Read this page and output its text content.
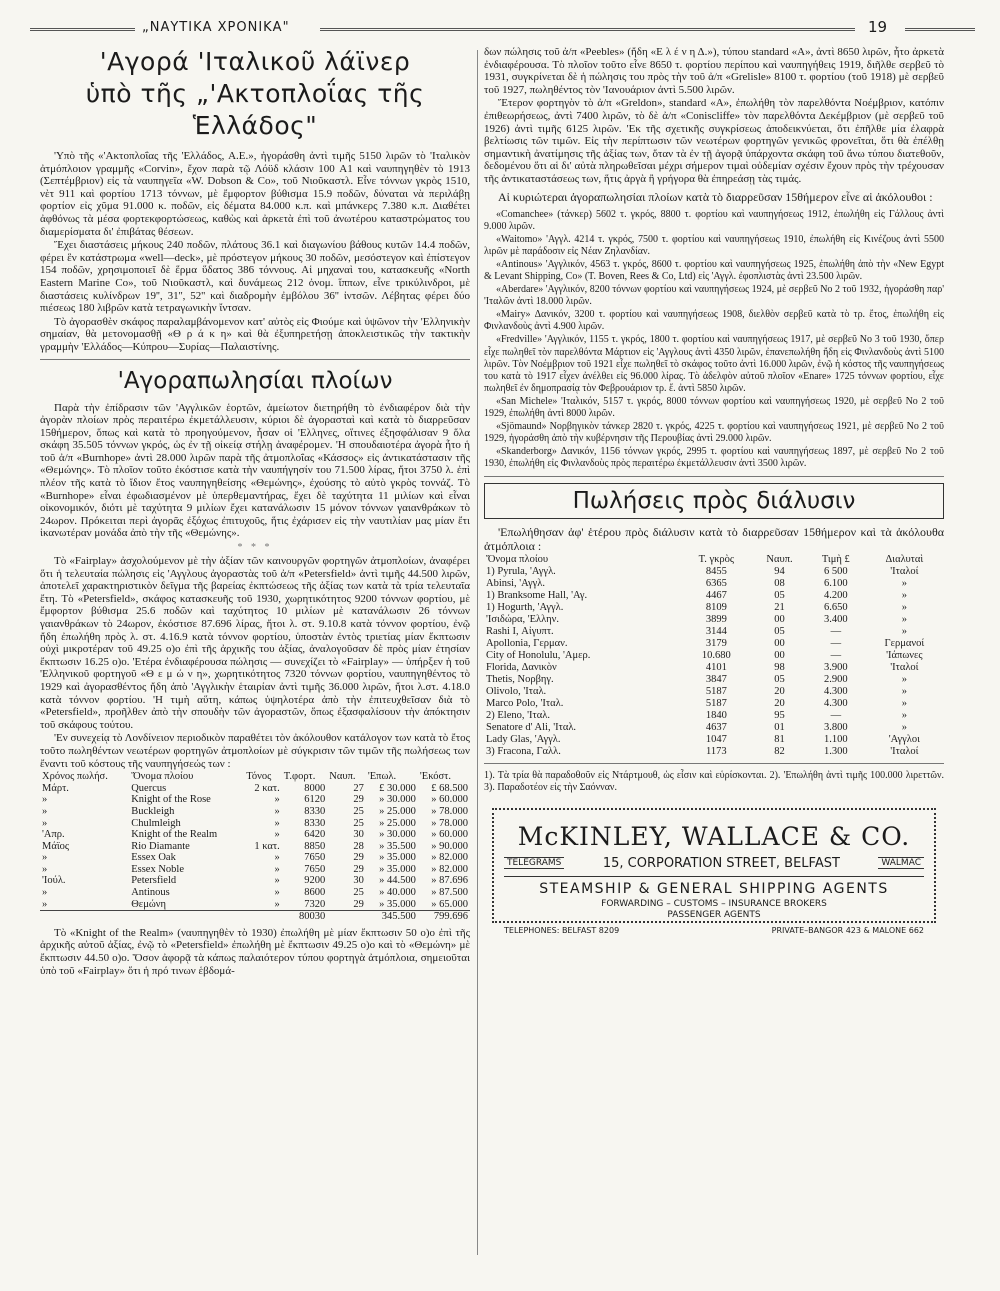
„ΝΑΥΤΙΚΑ ΧΡΟΝΙΚΑ"	19
'Αγορά 'Ιταλικοῦ λάϊνερ
ὑπὸ τῆς „'Ακτοπλοΐας τῆς Ἑλλάδος"

'Υπὸ τῆς «'Ακτοπλοΐας τῆς 'Ελλάδος, Α.Ε.», ἠγοράσθη ἀντὶ τιμῆς 5150 λιρῶν τὸ 'Ιταλικὸν ἀτμόπλοιον γραμμῆς «Corvin», ἔχον παρὰ τῷ Λόϋδ κλάσιν 100 A1 καὶ ναυπηγηθὲν τὸ 1913 (Σεπτέμβριον) εἰς τὰ ναυπηγεῖα «W. Dobson & Co», τοῦ Νιοῦκαστλ. Εἶνε τόννων γκρὸς 1510, νὲτ 911 καὶ φορτίου 1713 τόννων, μὲ ἔμφορτον βύθισμα 15.9 ποδῶν, δύναται νὰ περιλάβῃ φορτίον εἰς χῦμα 91.000 κ. ποδῶν, εἰς δέματα 84.000 κ.π. καὶ μπάνκερς 7.380 κ.π. Διαθέτει ἀφθόνως τὰ μέσα φορτεκφορτώσεως, καθὼς καὶ ἀρκετὰ ἐπὶ τοῦ ἀνωτέρου καταστρώματος του διαμερίσματα δι' ἐπιβάτας θέσεων.

Ἔχει διαστάσεις μήκους 240 ποδῶν, πλάτους 36.1 καὶ διαγωνίου βάθους κυτῶν 14.4 ποδῶν, φέρει ἓν κατάστρωμα «well—deck», μὲ πρόστεγον μήκους 30 ποδῶν, μεσόστεγον καὶ ἐπίστεγον 154 ποδῶν, χρησιμοποιεῖ δὲ ἕρμα ὕδατος 386 τόννους. Αἱ μηχαναὶ του, κατασκευῆς «North Eastern Marine Co», τοῦ Νιοῦκαστλ, καὶ δυνάμεως 212 ὀνομ. ἵππων, εἶνε τρικύλινδροι, μὲ διαστάσεις κυλίνδρων 19'', 31'', 52'' καὶ διαδρομὴν ἐμβόλου 36'' ἰντσῶν. Λέβητας φέρει δύο πιέσεως 180 λιβρῶν κατὰ τετραγωνικὴν ἴντσαν.

Τὸ ἀγορασθὲν σκάφος παραλαμβάνομενον κατ' αὐτὸς εἰς Φιούμε καὶ ὑψῶνον τὴν 'Ελληνικὴν σημαίαν, θὰ μετονομασθῇ «Θ ρ ά κ η» καὶ θὰ ἐξυπηρετήσῃ ἀποκλειστικῶς τὴν τακτικὴν γραμμὴν 'Ελλάδος—Κύπρου—Συρίας—Παλαιστίνης.

'Αγοραπωλησίαι πλοίων

Παρὰ τὴν ἐπίδρασιν τῶν 'Αγγλικῶν ἑορτῶν, ἀμείωτον διετηρήθη τὸ ἐνδιαφέρον διὰ τὴν ἀγορὰν πλοίων πρὸς περαιτέρω ἐκμετάλλευσιν, κύριοι δὲ ἀγορασταὶ καὶ κατὰ τὸ διαρρεῦσαν 15θήμερον, ὅπως καὶ κατὰ τὸ προηγούμενον, ἦσαν οἱ 'Ελληνες, οἵτινες ἐξησφάλισαν 9 ὅλα σκάφη 35.505 τόννων γκρός, ὡς ἐν τῇ οἰκείᾳ στήλῃ ἀναφέρομεν. 'Η σπουδαιοτέρα ἀγορὰ ἦτο ἡ τοῦ ἀ/π «Burnhope» ἀντὶ 28.000 λιρῶν παρὰ τῆς ἀτμοπλοΐας «Κάσσος» εἰς ἀντικατάστασιν τῆς «Θεμώνης». Τὸ πλοῖον τοῦτο ἐκόστισε κατὰ τὴν ναυπήγησίν του 71.500 λίρας, ἤτοι 3750 λ. ἐπὶ πλέον τῆς κατὰ τὸ ἴδιον ἔτος ναυπηγηθείσης «Θεμώνης», ἐχούσης τὸ αὐτὸ γκρὸς τοννάζ. Τὸ «Burnhope» εἶναι ἐφωδιασμένον μὲ ὑπερθεμαντήρας, ἔχει δὲ ταχύτητα 11 μιλίων καὶ εἶναι οἰκονομικόν, διότι μὲ ταχύτητα 9 μιλίων ἔχει κατανάλωσιν 15 μόνον τόννων γαιανθράκων τὸ 24ωρον. Πρόκειται περὶ ἀγορᾶς ἐξόχως ἐπιτυχοῦς, ἥτις ἐχάρισεν εἰς τὴν ναυτιλίαν μας μίαν ἔτι ἱκανωτέραν μονάδα ἀπὸ τὴν τῆς «Θεμώνης».

* * *

Τὸ «Fairplay» ἀσχολούμενον μὲ τὴν ἀξίαν τῶν καινουργῶν φορτηγῶν ἀτμοπλοίων, ἀναφέρει ὅτι ἡ τελευταία πώλησις εἰς 'Αγγλους ἀγοραστὰς τοῦ ἀ/π «Petersfield» ἀντὶ τιμῆς 44.500 λιρῶν, ἀποτελεῖ χαρακτηριστικὸν δεῖγμα τῆς βαρείας ἐκπτώσεως τῆς ἀξίας των κατὰ τὰ τρία τελευταῖα ἔτη. Τὸ «Petersfield», σκάφος κατασκευῆς τοῦ 1930, χωρητικότητος 9200 τόννων φορτίου, μὲ ἔμφορτον βύθισμα 25.6 ποδῶν καὶ ταχύτητος 10 μιλίων μὲ κατανάλωσιν 26 τόννων γαιανθράκων τὸ 24ωρον, ἐκόστισε 87.696 λίρας, ἤτοι λ. στ. 9.10.8 κατὰ τόννον φορτίου, ἐνῷ ἤδη ἐπωλήθη πρὸς λ. στ. 4.16.9 κατὰ τόννον φορτίου, ὑποστὰν ἐντὸς τριετίας μίαν ἔκπτωσιν οὐχὶ μικροτέραν τοῦ 49.25 ο)ο ἐπὶ τῆς ἀρχικῆς του ἀξίας, ἀναλογοῦσαν δὲ πρὸς μίαν ἐτησίαν ἔκπτωσιν 16.25 ο)ο. 'Ετέρα ἐνδιαφέρουσα πώλησις — συνεχίζει τὸ «Fairplay» — ὑπήρξεν ἡ τοῦ 'Ελληνικοῦ φορτηγοῦ «Θ ε μ ώ ν η», χωρητικότητος 7320 τόννων φορτίου, ναυπηγηθέντος τὸ 1929 καὶ ἀγορασθέντος ἤδη ἀπὸ 'Αγγλικὴν ἑταιρίαν ἀντὶ τιμῆς 36.000 λιρῶν, ἤτοι λ.στ. 4.18.0 κατὰ τόννον φορτίου. 'Η τιμὴ αὕτη, κάπως ὑψηλοτέρα ἀπὸ τὴν ἐπιτευχθεῖσαν διὰ τὸ «Petersfield», προῆλθεν ἀπὸ τὴν σπουδὴν τῶν ἀγοραστῶν, ὅπως ἐξασφαλίσουν τὴν ἀπόκτησιν τοῦ σκάφους τούτου.

'Εν συνεχείᾳ τὸ Λονδίνειον περιοδικὸν παραθέτει τὸν ἀκόλουθον κατάλογον των κατὰ τὸ ἔτος τοῦτο πωληθέντων νεωτέρων φορτηγῶν ἀτμοπλοίων μὲ σύγκρισιν τῶν τιμῶν τῆς πωλήσεως των ἔναντι τοῦ κόστους τῆς ναυπηγήσεώς των :

Χρόνος πωλήσ.	Ὄνομα πλοίου	Τόνος	Τ.φορτ.	Ναυπ.	'Επωλ.	'Εκόστ.
Μάρτ.	Quercus	2 κατ.	8000	27	£ 30.000	£ 68.500
»	Knight of the Rose	»	6120	29	» 30.000	» 60.000
»	Buckleigh	»	8330	25	» 25.000	» 78.000
»	Chulmleigh	»	8330	25	» 25.000	» 78.000
'Απρ.	Knight of the Realm	»	6420	30	» 30.000	» 60.000
Μάϊος	Rio Diamante	1 κατ.	8850	28	» 35.500	» 90.000
»	Essex Oak	»	7650	29	» 35.000	» 82.000
»	Essex Noble	»	7650	29	» 35.000	» 82.000
'Ιούλ.	Petersfield	»	9200	30	» 44.500	» 87.696
»	Antinous	»	8600	25	» 40.000	» 87.500
»	Θεμώνη	»	7320	29	» 35.000	» 65.000
			80030		345.500	799.696

Τὸ «Knight of the Realm» (ναυπηγηθὲν τὸ 1930) ἐπωλήθη μὲ μίαν ἔκπτωσιν 50 ο)ο ἐπὶ τῆς ἀρχικῆς αὐτοῦ ἀξίας, ἐνῷ τὸ «Petersfield» ἐπωλήθη μὲ ἔκπτωσιν 49.25 ο)ο καὶ τὸ «Θεμώνη» μὲ ἔκπτωσιν 44.50 ο)ο. Ὅσον ἀφορᾷ τὰ κάπως παλαιότερον τύπου φορτηγὰ ἀτμόπλοια, σημειοῦται ὑπὸ τοῦ «Fairplay» ὅτι ἡ πρό τινων ἑβδομά-

δων πώλησις τοῦ ἀ/π «Peebles» (ἤδη «Ε λ έ ν η Δ.»), τύπου standard «A», ἀντὶ 8650 λιρῶν, ἦτο ἀρκετὰ ἐνδιαφέρουσα. Τὸ πλοῖον τοῦτο εἶνε 8650 τ. φορτίου περίπου καὶ ναυπηγήθεις 1919, διῆλθε σερβεῦ τὸ 1931, συγκρίνεται δὲ ἡ πώλησις του πρὸς τὴν τοῦ ἀ/π «Grelisle» 8100 τ. φορτίου (τοῦ 1918) μὲ σερβεῦ τοῦ 1927, πωληθέντος τὸν 'Ιανουάριον ἀντὶ 5.500 λιρῶν.

Ἕτερον φορτηγὸν τὸ ἀ/π «Greldon», standard «A», ἐπωλήθη τὸν παρελθόντα Νοέμβριον, κατόπιν ἐπιθεωρήσεως, ἀντὶ 7400 λιρῶν, τὸ δὲ ἀ/π «Coniscliffe» τὸν παρελθόντα Δεκέμβριον (μὲ σερβεῦ τοῦ 1926) ἀντὶ τιμῆς 6125 λιρῶν. 'Εκ τῆς σχετικῆς συγκρίσεως ἀποδεικνύεται, ὅτι ἐπῆλθε μία ἐλαφρὰ βελτίωσις τῶν τιμῶν. Εἰς τὴν περίπτωσιν τῶν νεωτέρων φορτηγῶν γενικῶς φρονεῖται, ὅτι θὰ ἐπέλθῃ σημαντικὴ ἀνατίμησις τῆς ἀξίας των, ὅταν τὰ ἐν τῇ ἀγορᾷ ὑπάρχοντα σκάφη τοῦ ἄνω τύπου διατεθοῦν, δεδομένου ὅτι αἱ δι' αὐτὰ πληρωθεῖσαι μέχρι σήμερον τιμαὶ οὐδεμίαν σχέσιν ἔχουν πρὸς τὴν τρέχουσαν τῆς ἀντικαταστάσεως των, ἥτις ἀργὰ ἢ γρήγορα θὰ ἐπηρεάσῃ τὰς τιμάς.

Αἱ κυριώτεραι ἀγοραπωλησίαι πλοίων κατὰ τὸ διαρρεῦσαν 15θήμερον εἶνε αἱ ἀκόλουθοι :

«Comanchee» (τάνκερ) 5602 τ. γκρός, 8800 τ. φορτίου καὶ ναυπηγήσεως 1912, ἐπωλήθη εἰς Γάλλους ἀντὶ 9.000 λιρῶν.

«Waitomo» 'Αγγλ. 4214 τ. γκρός, 7500 τ. φορτίου καὶ ναυπηγήσεως 1910, ἐπωλήθη εἰς Κινέζους ἀντὶ 5500 λιρῶν μὲ παράδοσιν εἰς Νέαν Ζηλανδίαν.

«Antinous» 'Αγγλικόν, 4563 τ. γκρός, 8600 τ. φορτίου καὶ ναυπηγήσεως 1925, ἐπωλήθη ἀπὸ τὴν «New Egypt & Levant Shipping, Co» (T. Boven, Rees & Co, Ltd) εἰς 'Αγγλ. ἐφοπλιστὰς ἀντὶ 23.500 λιρῶν.

«Aberdare» 'Αγγλικόν, 8200 τόννων φορτίου καὶ ναυπηγήσεως 1924, μὲ σερβεῦ No 2 τοῦ 1932, ἠγοράσθη παρ' 'Ιταλῶν ἀντὶ 18.000 λιρῶν.

«Mairy» Δανικόν, 3200 τ. φορτίου καὶ ναυπηγήσεως 1908, διελθὸν σερβεῦ κατὰ τὸ τρ. ἔτος, ἐπωλήθη εἰς Φινλανδοὺς ἀντὶ 4.900 λιρῶν.

«Fredville» 'Αγγλικόν, 1155 τ. γκρός, 1800 τ. φορτίου καὶ ναυπηγήσεως 1917, μὲ σερβεῦ No 3 τοῦ 1930, ὅπερ εἶχε πωληθεῖ τὸν παρελθόντα Μάρτιον εἰς 'Αγγλους ἀντὶ 4350 λιρῶν, ἐπανεπωλήθη ἤδη εἰς Φινλανδοὺς ἀντὶ 5100 λιρῶν. Τὸν Νοέμβριον τοῦ 1921 εἶχε πωληθεῖ τὸ σκάφος τοῦτο ἀντὶ 16.000 λιρῶν, ἐνῷ ἡ κόστος τῆς ναυπηγήσεως του κατὰ τὸ 1917 εἶχεν ἀνέλθει εἰς 96.000 λίρας. Τὸ ἀδελφὸν αὐτοῦ πλοῖον «Enare» 1725 τόννων φορτίου, εἶχε πωληθεῖ ἐν δημοπρασίᾳ τὸν Φεβρουάριον τρ. ἔ. ἀντὶ 5850 λιρῶν.

«San Michele» 'Ιταλικόν, 5157 τ. γκρός, 8000 τόννων φορτίου καὶ ναυπηγήσεως 1920, μὲ σερβεῦ No 2 τοῦ 1929, ἐπωλήθη ἀντὶ 8000 λιρῶν.

«Sjömaund» Νορβηγικὸν τάνκερ 2820 τ. γκρός, 4225 τ. φορτίου καὶ ναυπηγήσεως 1921, μὲ σερβεῦ No 2 τοῦ 1929, ἠγοράσθη ἀπὸ τὴν κυβέρνησιν τῆς Περουβίας ἀντὶ 29.000 λιρῶν.

«Skanderborg» Δανικόν, 1156 τόννων γκρός, 2995 τ. φορτίου καὶ ναυπηγήσεως 1897, μὲ σερβεῦ No 2 τοῦ 1930, ἐπωλήθη εἰς Φινλανδοὺς πρὸς περαιτέρω ἐκμετάλλευσιν ἀντὶ 3500 λιρῶν.

Πωλήσεις πρὸς διάλυσιν

'Επωλήθησαν ἀφ' ἑτέρου πρὸς διάλυσιν κατὰ τὸ διαρρεῦσαν 15θήμερον καὶ τὰ ἀκόλουθα ἀτμόπλοια :

Ὄνομα πλοίου	Τ. γκρὸς	Ναυπ.	Τιμὴ £	Διαλυταὶ
1) Pyrula, 'Αγγλ.	8455	94	6 500	'Ιταλοί
Abinsi, 'Αγγλ.	6365	08	6.100	»
1) Branksome Hall, 'Αγ.	4467	05	4.200	»
1) Hogurth, 'Αγγλ.	8109	21	6.650	»
'Ισιδώρα, 'Ελλην.	3899	00	3.400	»
Rashi I, Αἰγυπτ.	3144	05	—	»
Apollonia, Γερμαν.	3179	00	—	Γερμανοί
City of Honolulu, 'Αμερ.	10.680	00	—	'Ιάπωνες
Florida, Δανικὸν	4101	98	3.900	'Ιταλοί
Thetis, Νορβηγ.	3847	05	2.900	»
Olivolo, 'Ιταλ.	5187	20	4.300	»
Marco Polo, 'Ιταλ.	5187	20	4.300	»
2) Eleno, 'Ιταλ.	1840	95	—	»
Senatore d' Ali, 'Ιταλ.	4637	01	3.800	»
Lady Glas, 'Αγγλ.	1047	81	1.100	'Αγγλοι
3) Fracona, Γαλλ.	1173	82	1.300	'Ιταλοί

1). Τὰ τρία θὰ παραδοθοῦν εἰς Ντάρτμουθ, ὡς εἶσιν καὶ εὑρίσκονται. 2). 'Επωλήθη ἀντὶ τιμῆς 100.000 λιρεττῶν. 3). Παραδοτέον εἰς τὴν Σαόνναν.

McKINLEY, WALLACE & CO.
TELEGRAMS	15, CORPORATION STREET, BELFAST	WALMAC
STEAMSHIP & GENERAL SHIPPING AGENTS
FORWARDING – CUSTOMS – INSURANCE BROKERS
PASSENGER AGENTS
TELEPHONES: BELFAST 8209	PRIVATE–BANGOR 423 & MALONE 662
